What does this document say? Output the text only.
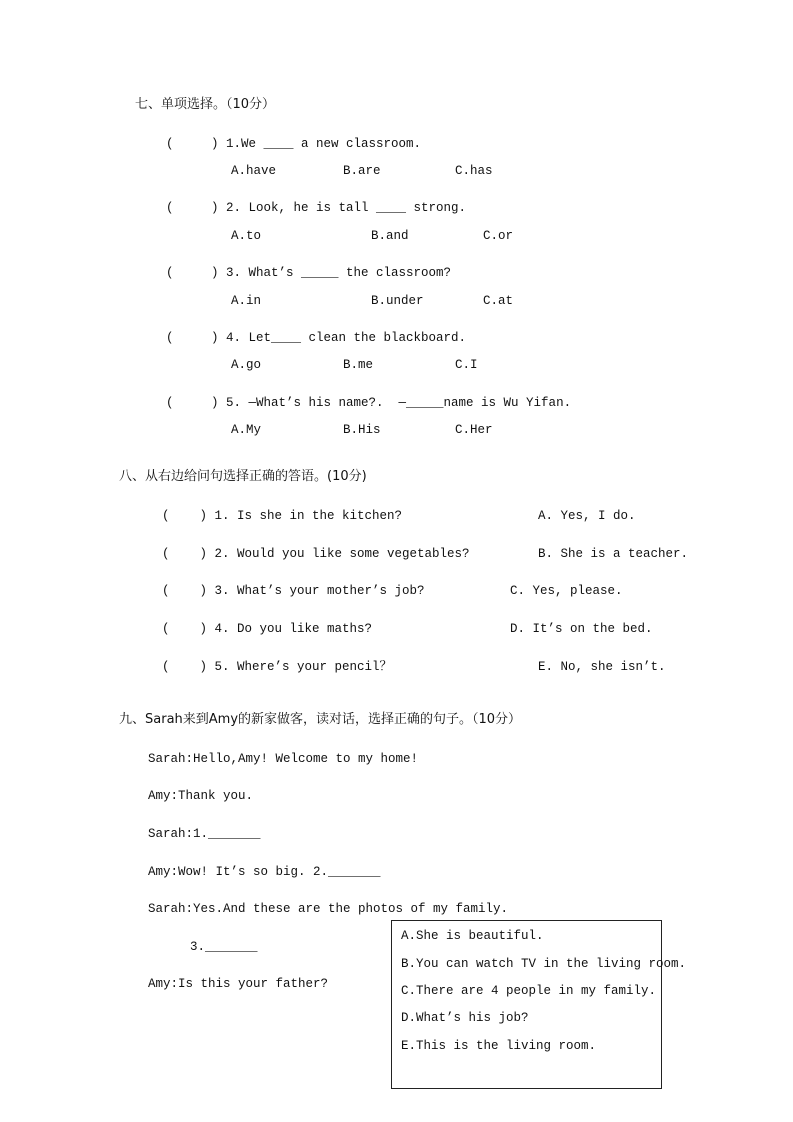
七、单项选择。（10分）
(     ) 1.We ____ a new classroom.
A.have	B.are	C.has
(     ) 2. Look, he is tall ____ strong.
A.to	B.and	C.or
(     ) 3. What’s _____ the classroom?
A.in	B.under	C.at
(     ) 4. Let____ clean the blackboard.
A.go	B.me	C.I
(     ) 5. —What’s his name?.  —_____name is Wu Yifan.
A.My	B.His	C.Her
八、从右边给问句选择正确的答语。(10分)
(    ) 1. Is she in the kitchen?	A. Yes, I do.
(    ) 2. Would you like some vegetables?	B. She is a teacher.
(    ) 3. What’s your mother’s job?	C. Yes, please.
(    ) 4. Do you like maths?	D. It’s on the bed.
(    ) 5. Where’s your pencil？	E. No, she isn’t.
九、Sarah来到Amy的新家做客，读对话，选择正确的句子。（10分）
Sarah:Hello,Amy! Welcome to my home!
Amy:Thank you.
Sarah:1._______
Amy:Wow! It’s so big. 2._______
Sarah:Yes.And these are the photos of my family.
3._______
Amy:Is this your father?
A.She is beautiful.
B.You can watch TV in the living room.
C.There are 4 people in my family.
D.What’s his job?
E.This is the living room.
